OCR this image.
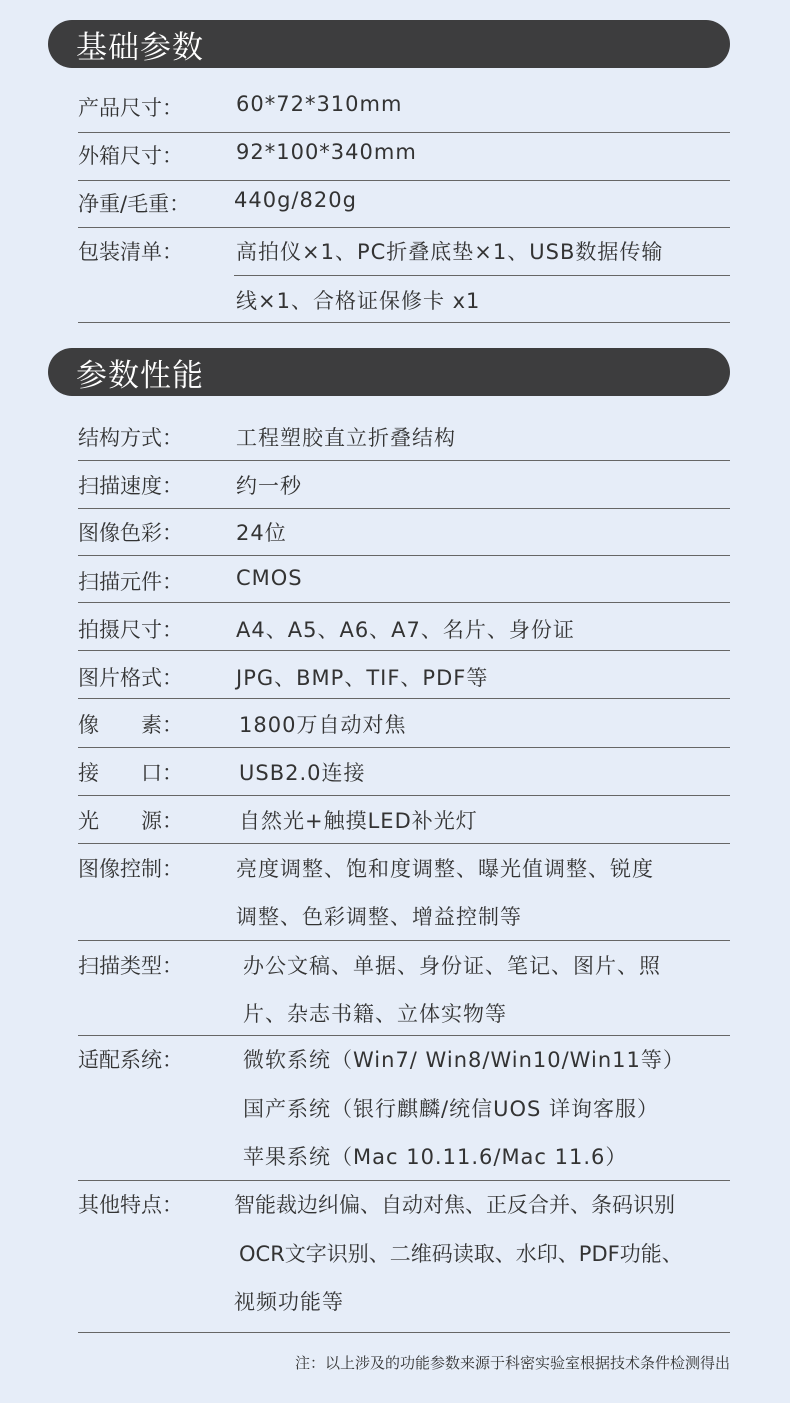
基础参数
产品尺寸：	60*72*310mm
外箱尺寸：	92*100*340mm
净重/毛重： 440g/820g
包装清单：	高拍仪×1、PC折叠底垫×1、USB数据传输
线×1、合格证保修卡 x1
参数性能
结构方式：	工程塑胶直立折叠结构
扫描速度：	约一秒
图像色彩：	24位
扫描元件：	CMOS
拍摄尺寸：	A4、A5、A6、A7、名片、身份证
图片格式：	JPG、BMP、TIF、PDF等
像　　素：	1800万自动对焦
接　　口：	USB2.0连接
光　　源：	自然光+触摸LED补光灯
图像控制：	亮度调整、饱和度调整、曝光值调整、锐度
调整、色彩调整、增益控制等
扫描类型：	办公文稿、单据、身份证、笔记、图片、照
片、杂志书籍、立体实物等
适配系统：	微软系统（Win7/ Win8/Win10/Win11等）
国产系统（银行麒麟/统信UOS 详询客服）
苹果系统（Mac 10.11.6/Mac 11.6）
其他特点： 智能裁边纠偏、自动对焦、正反合并、条码识别
OCR文字识别、二维码读取、水印、PDF功能、
视频功能等
注：以上涉及的功能参数来源于科密实验室根据技术条件检测得出
